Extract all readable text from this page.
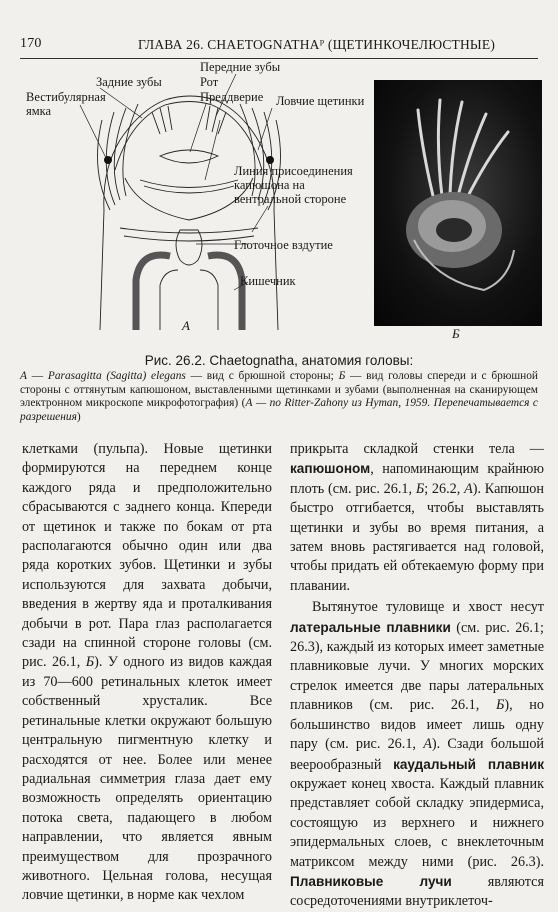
170	ГЛАВА 26. CHAETOGNATHAᴾ (ЩЕТИНКОЧЕЛЮСТНЫЕ)
Задние зубы
Вестибулярная ямка
Передние зубы
Рот
Преддверие Ловчие щетинки
Линия присоединения капюшона на вентральной стороне
Глоточное вздутие
Кишечник
А
Б
Рис. 26.2. Chaetognatha, анатомия головы:
А — Parasagitta (Sagitta) elegans — вид с брюшной стороны; Б — вид головы спереди и с брюшной стороны с оттянутым капюшоном, выставленными щетинками и зубами (выполненная на сканирующем электронном микроскопе микрофотография) (А — по Ritter-Zahony из Hyman, 1959. Перепечатывается с разрешения)

клетками (пульпа). Новые щетинки формируются на переднем конце каждого ряда и предположительно сбрасываются с заднего конца. Кпереди от щетинок и также по бокам от рта располагаются обычно один или два ряда коротких зубов. Щетинки и зубы используются для захвата добычи, введения в жертву яда и проталкивания добычи в рот. Пара глаз располагается сзади на спинной стороне головы (см. рис. 26.1, Б). У одного из видов каждая из 70—600 ретинальных клеток имеет собственный хрусталик. Все ретинальные клетки окружают большую центральную пигментную клетку и расходятся от нее. Более или менее радиальная симметрия глаза дает ему возможность определять ориентацию потока света, падающего в любом направлении, что является явным преимуществом для прозрачного животного. Цельная голова, несущая ловчие щетинки, в норме как чехлом

прикрыта складкой стенки тела — капюшоном, напоминающим крайнюю плоть (см. рис. 26.1, Б; 26.2, А). Капюшон быстро отгибается, чтобы выставлять щетинки и зубы во время питания, а затем вновь растягивается над головой, чтобы придать ей обтекаемую форму при плавании.

Вытянутое туловище и хвост несут латеральные плавники (см. рис. 26.1; 26.3), каждый из которых имеет заметные плавниковые лучи. У многих морских стрелок имеется две пары латеральных плавников (см. рис. 26.1, Б), но большинство видов имеет лишь одну пару (см. рис. 26.1, А). Сзади большой веерообразный каудальный плавник окружает конец хвоста. Каждый плавник представляет собой складку эпидермиса, состоящую из верхнего и нижнего эпидермальных слоев, с внеклеточным матриксом между ними (рис. 26.3). Плавниковые лучи являются сосредоточениями внутриклеточ-
